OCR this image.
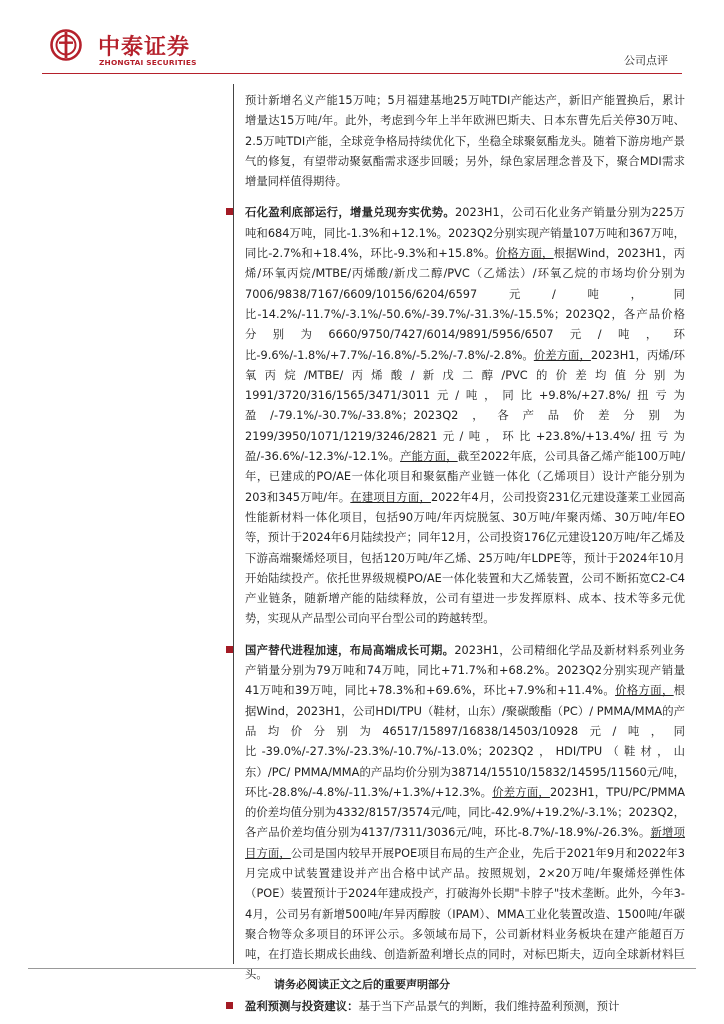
中泰证券
ZHONGTAI SECURITIES	公司点评

预计新增名义产能15万吨；5月福建基地25万吨TDI产能达产，新旧产能置换后，累计增量达15万吨/年。此外，考虑到今年上半年欧洲巴斯夫、日本东曹先后关停30万吨、2.5万吨TDI产能，全球竞争格局持续优化下，坐稳全球聚氨酯龙头。随着下游房地产景气的修复，有望带动聚氨酯需求逐步回暖；另外，绿色家居理念普及下，聚合MDI需求增量同样值得期待。

石化盈利底部运行，增量兑现夯实优势。2023H1，公司石化业务产销量分别为225万吨和684万吨，同比-1.3%和+12.1%。2023Q2分别实现产销量107万吨和367万吨，同比-2.7%和+18.4%，环比-9.3%和+15.8%。价格方面，根据Wind，2023H1，丙烯/环氧丙烷/MTBE/丙烯酸/新戊二醇/PVC（乙烯法）/环氧乙烷的市场均价分别为7006/9838/7167/6609/10156/6204/6597元/吨，同比-14.2%/-11.7%/-3.1%/-50.6%/-39.7%/-31.3%/-15.5%；2023Q2，各产品价格分别为6660/9750/7427/6014/9891/5956/6507元/吨，环比-9.6%/-1.8%/+7.7%/-16.8%/-5.2%/-7.8%/-2.8%。价差方面，2023H1，丙烯/环氧丙烷/MTBE/丙烯酸/新戊二醇/PVC的价差均值分别为1991/3720/316/1565/3471/3011元/吨，同比+9.8%/+27.8%/扭亏为盈/-79.1%/-30.7%/-33.8%；2023Q2，各产品价差分别为2199/3950/1071/1219/3246/2821元/吨，环比+23.8%/+13.4%/扭亏为盈/-36.6%/-12.3%/-12.1%。产能方面，截至2022年底，公司具备乙烯产能100万吨/年，已建成的PO/AE一体化项目和聚氨酯产业链一体化（乙烯项目）设计产能分别为203和345万吨/年。在建项目方面，2022年4月，公司投资231亿元建设蓬莱工业园高性能新材料一体化项目，包括90万吨/年丙烷脱氢、30万吨/年聚丙烯、30万吨/年EO等，预计于2024年6月陆续投产；同年12月，公司投资176亿元建设120万吨/年乙烯及下游高端聚烯烃项目，包括120万吨/年乙烯、25万吨/年LDPE等，预计于2024年10月开始陆续投产。依托世界级规模PO/AE一体化装置和大乙烯装置，公司不断拓宽C2-C4产业链条，随新增产能的陆续释放，公司有望进一步发挥原料、成本、技术等多元优势，实现从产品型公司向平台型公司的跨越转型。

国产替代进程加速，布局高端成长可期。2023H1，公司精细化学品及新材料系列业务产销量分别为79万吨和74万吨，同比+71.7%和+68.2%。2023Q2分别实现产销量41万吨和39万吨，同比+78.3%和+69.6%，环比+7.9%和+11.4%。价格方面，根据Wind，2023H1，公司HDI/TPU（鞋材，山东）/聚碳酸酯（PC）/ PMMA/MMA的产品均价分别为46517/15897/16838/14503/10928元/吨，同比-39.0%/-27.3%/-23.3%/-10.7%/-13.0%；2023Q2，HDI/TPU（鞋材，山东）/PC/ PMMA/MMA的产品均价分别为38714/15510/15832/14595/11560元/吨，环比-28.8%/-4.8%/-11.3%/+1.3%/+12.3%。价差方面，2023H1，TPU/PC/PMMA的价差均值分别为4332/8157/3574元/吨，同比-42.9%/+19.2%/-3.1%；2023Q2，各产品价差均值分别为4137/7311/3036元/吨，环比-8.7%/-18.9%/-26.3%。新增项目方面，公司是国内较早开展POE项目布局的生产企业，先后于2021年9月和2022年3月完成中试装置建设并产出合格中试产品。按照规划，2×20万吨/年聚烯烃弹性体（POE）装置预计于2024年建成投产，打破海外长期"卡脖子"技术垄断。此外，今年3-4月，公司另有新增500吨/年异丙醇胺（IPAM）、MMA工业化装置改造、1500吨/年碳聚合物等众多项目的环评公示。多领域布局下，公司新材料业务板块在建产能超百万吨，在打造长期成长曲线、创造新盈利增长点的同时，对标巴斯夫，迈向全球新材料巨头。

盈利预测与投资建议：基于当下产品景气的判断，我们维持盈利预测，预计

请务必阅读正文之后的重要声明部分
